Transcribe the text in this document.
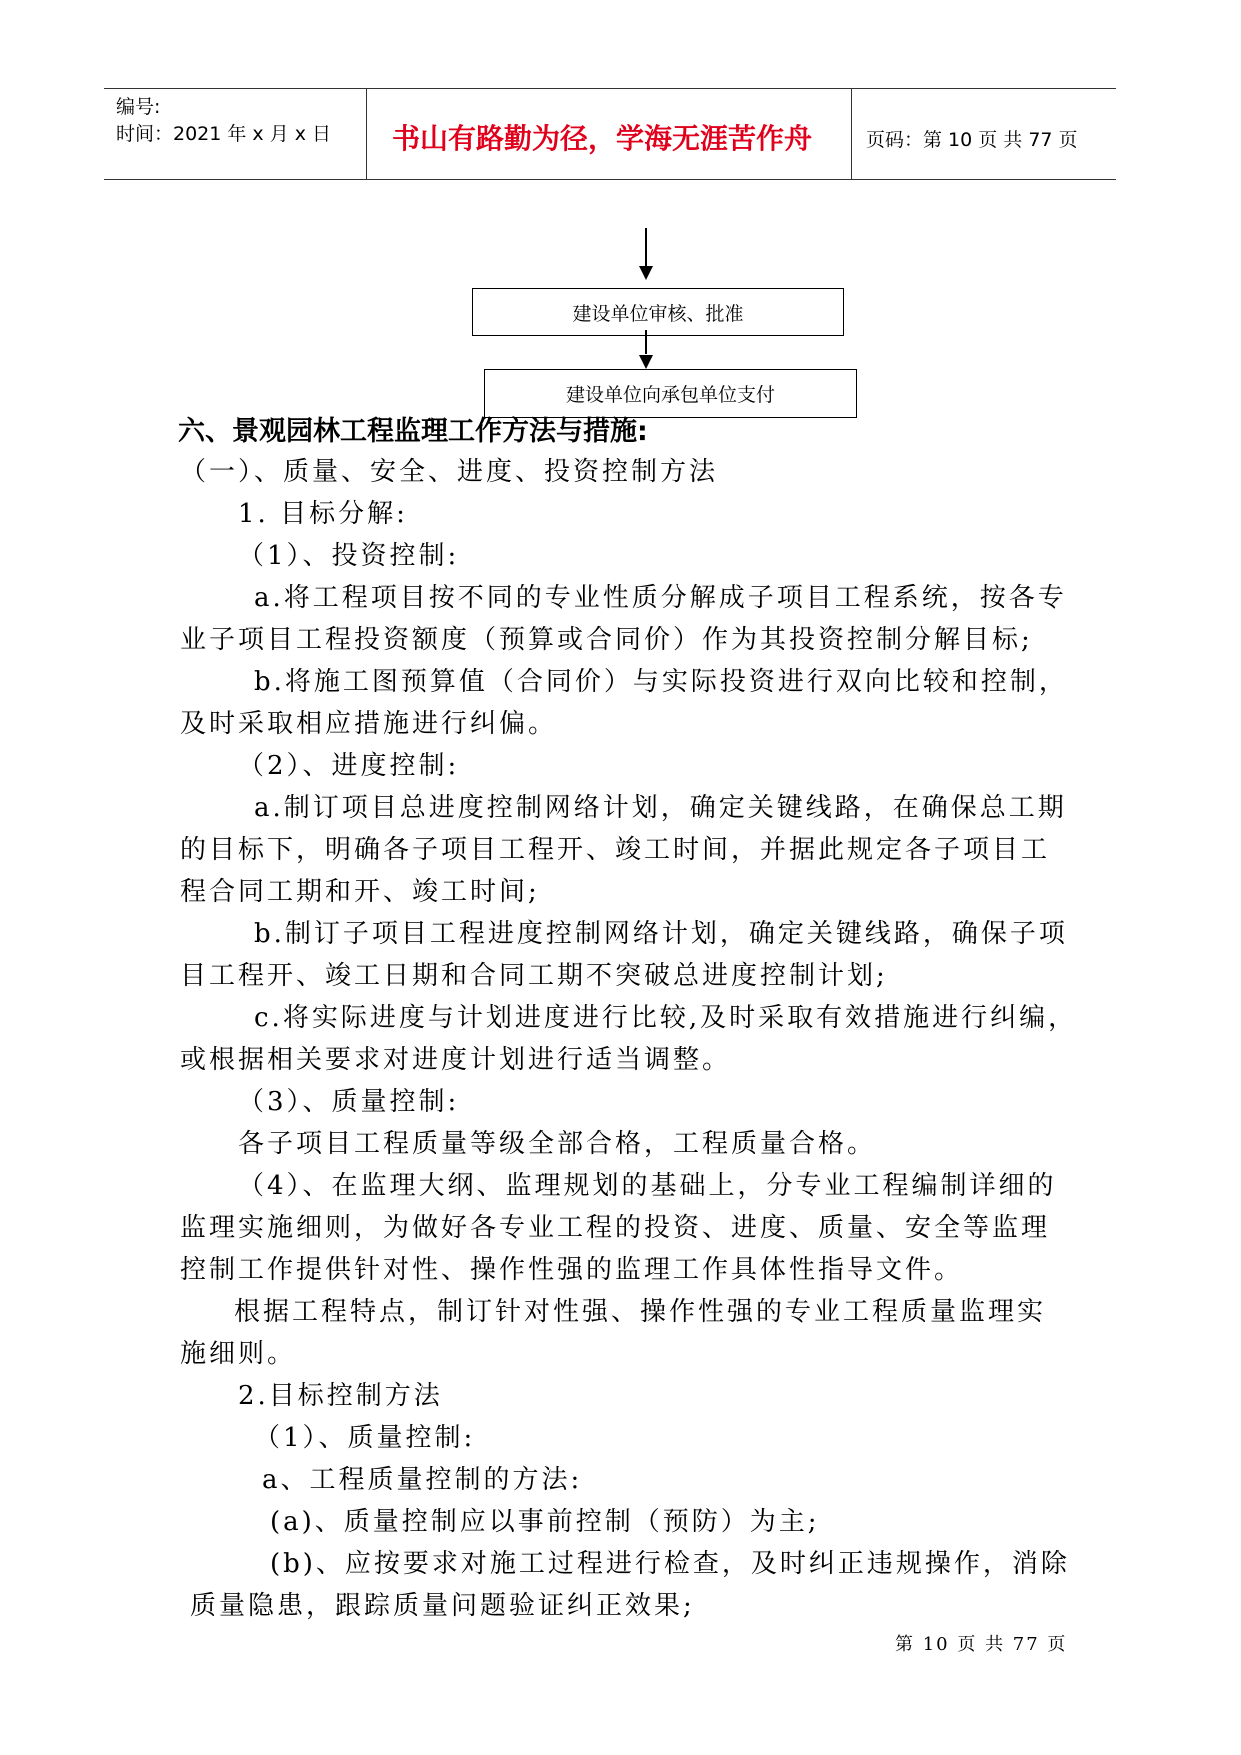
编号:
时间：2021 年 x 月 x 日 书山有路勤为径，学海无涯苦作舟	页码：第 10 页 共 77 页
建设单位审核、批准
建设单位向承包单位支付
六、景观园林工程监理工作方法与措施:
（一）、质量、安全、进度、投资控制方法
1. 目标分解:
（1）、投资控制:
a.将工程项目按不同的专业性质分解成子项目工程系统，按各专
业子项目工程投资额度（预算或合同价）作为其投资控制分解目标;
b.将施工图预算值（合同价）与实际投资进行双向比较和控制，
及时采取相应措施进行纠偏。
（2）、进度控制:
a.制订项目总进度控制网络计划，确定关键线路，在确保总工期
的目标下，明确各子项目工程开、竣工时间，并据此规定各子项目工
程合同工期和开、竣工时间;
b.制订子项目工程进度控制网络计划，确定关键线路，确保子项
目工程开、竣工日期和合同工期不突破总进度控制计划;
c.将实际进度与计划进度进行比较,及时采取有效措施进行纠编，
或根据相关要求对进度计划进行适当调整。
（3）、质量控制:
各子项目工程质量等级全部合格，工程质量合格。
（4）、在监理大纲、监理规划的基础上，分专业工程编制详细的
监理实施细则，为做好各专业工程的投资、进度、质量、安全等监理
控制工作提供针对性、操作性强的监理工作具体性指导文件。
根据工程特点，制订针对性强、操作性强的专业工程质量监理实
施细则。
2.目标控制方法
（1）、质量控制:
a、工程质量控制的方法:
(a)、质量控制应以事前控制（预防）为主;
(b)、应按要求对施工过程进行检查，及时纠正违规操作，消除
质量隐患，跟踪质量问题验证纠正效果;
第 10 页 共 77 页
